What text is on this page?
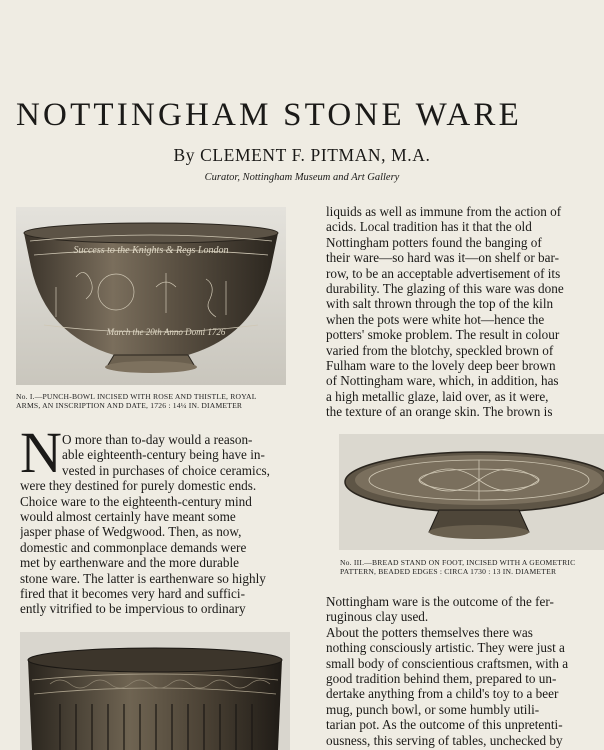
NOTTINGHAM STONE WARE
By CLEMENT F. PITMAN, M.A.
Curator, Nottingham Museum and Art Gallery
Success to the Knights & Regs London
March the 20th Anno Domi 1726
No. I.—PUNCH-BOWL INCISED WITH ROSE AND THISTLE, ROYAL
ARMS, AN INSCRIPTION AND DATE, 1726 : 14¼ IN. DIAMETER
N O more than to-day would a reason-
able eighteenth-century being have in-
vested in purchases of choice ceramics,
were they destined for purely domestic ends.
Choice ware to the eighteenth-century mind
would almost certainly have meant some
jasper phase of Wedgwood. Then, as now,
domestic and commonplace demands were
met by earthenware and the more durable
stone ware. The latter is earthenware so highly
fired that it becomes very hard and suffici-
ently vitrified to be impervious to ordinary
liquids as well as immune from the action of
acids. Local tradition has it that the old
Nottingham potters found the banging of
their ware—so hard was it—on shelf or bar-
row, to be an acceptable advertisement of its
durability. The glazing of this ware was done
with salt thrown through the top of the kiln
when the pots were white hot—hence the
potters' smoke problem. The result in colour
varied from the blotchy, speckled brown of
Fulham ware to the lovely deep beer brown
of Nottingham ware, which, in addition, has
a high metallic glaze, laid over, as it were,
the texture of an orange skin. The brown is
No. III.—BREAD STAND ON FOOT, INCISED WITH A GEOMETRIC
PATTERN, BEADED EDGES : CIRCA 1730 : 13 IN. DIAMETER
Nottingham ware is the outcome of the fer-
ruginous clay used.
About the potters themselves there was
nothing consciously artistic. They were just a
small body of conscientious craftsmen, with a
good tradition behind them, prepared to un-
dertake anything from a child's toy to a beer
mug, punch bowl, or some humbly utili-
tarian pot. As the outcome of this unpretenti-
ousness, this serving of tables, unchecked by
